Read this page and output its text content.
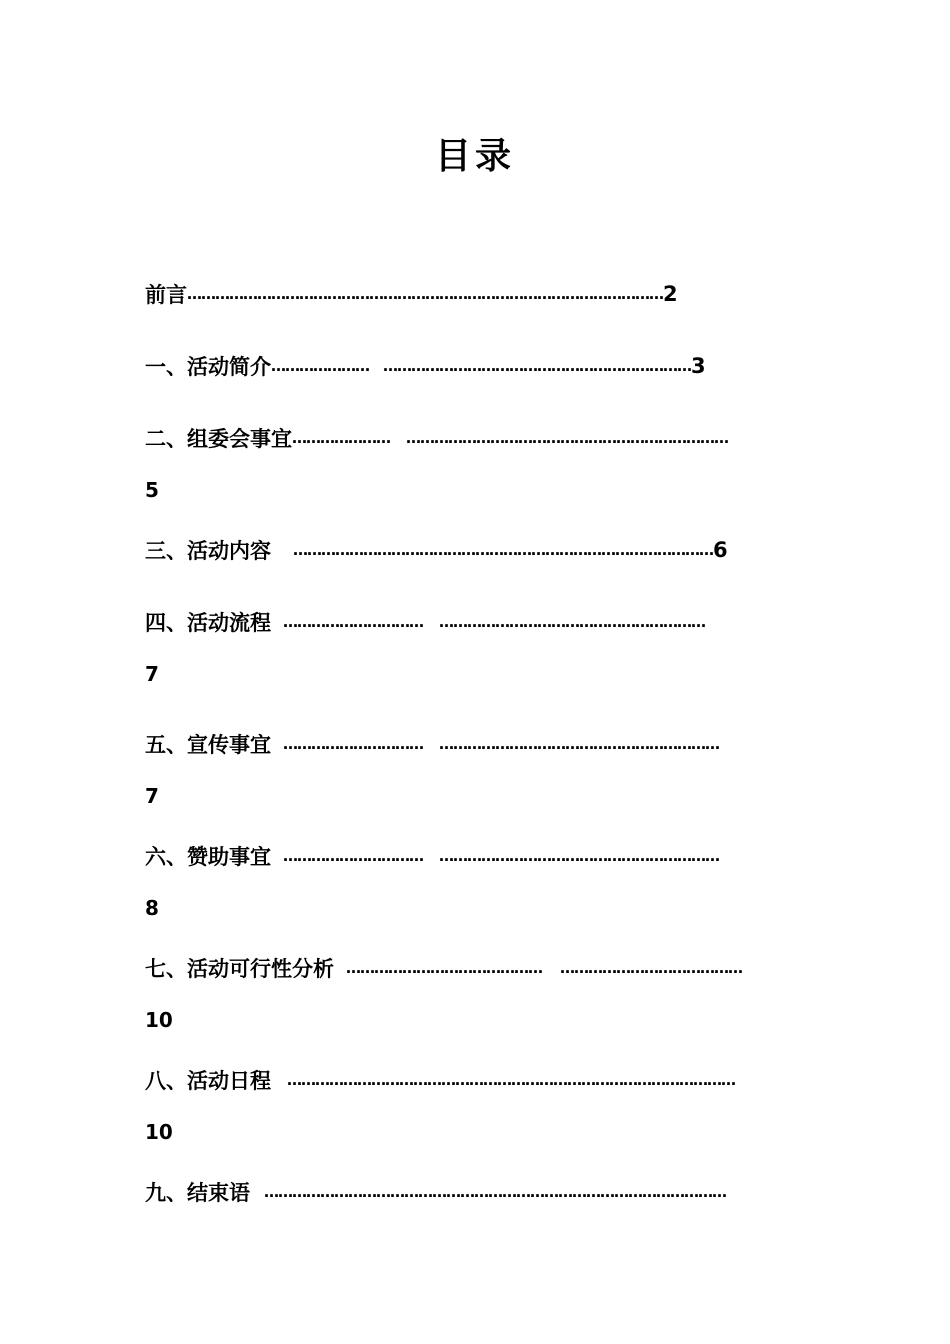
目录
前言…………………………………………………………………………………………2
一、活动简介………………… …………………………………………………………3
二、组委会事宜………………… ……………………………………………………………
5
三、活动内容 ………………………………………………………………………………6
四、活动流程 ………………………… …………………………………………………
7
五、宣传事宜 ………………………… ……………………………………………………
7
六、赞助事宜 ………………………… ……………………………………………………
8
七、活动可行性分析 …………………………………… …………………………………
10
八、活动日程 ……………………………………………………………………………………
10
九、结束语 ………………………………………………………………………………………
